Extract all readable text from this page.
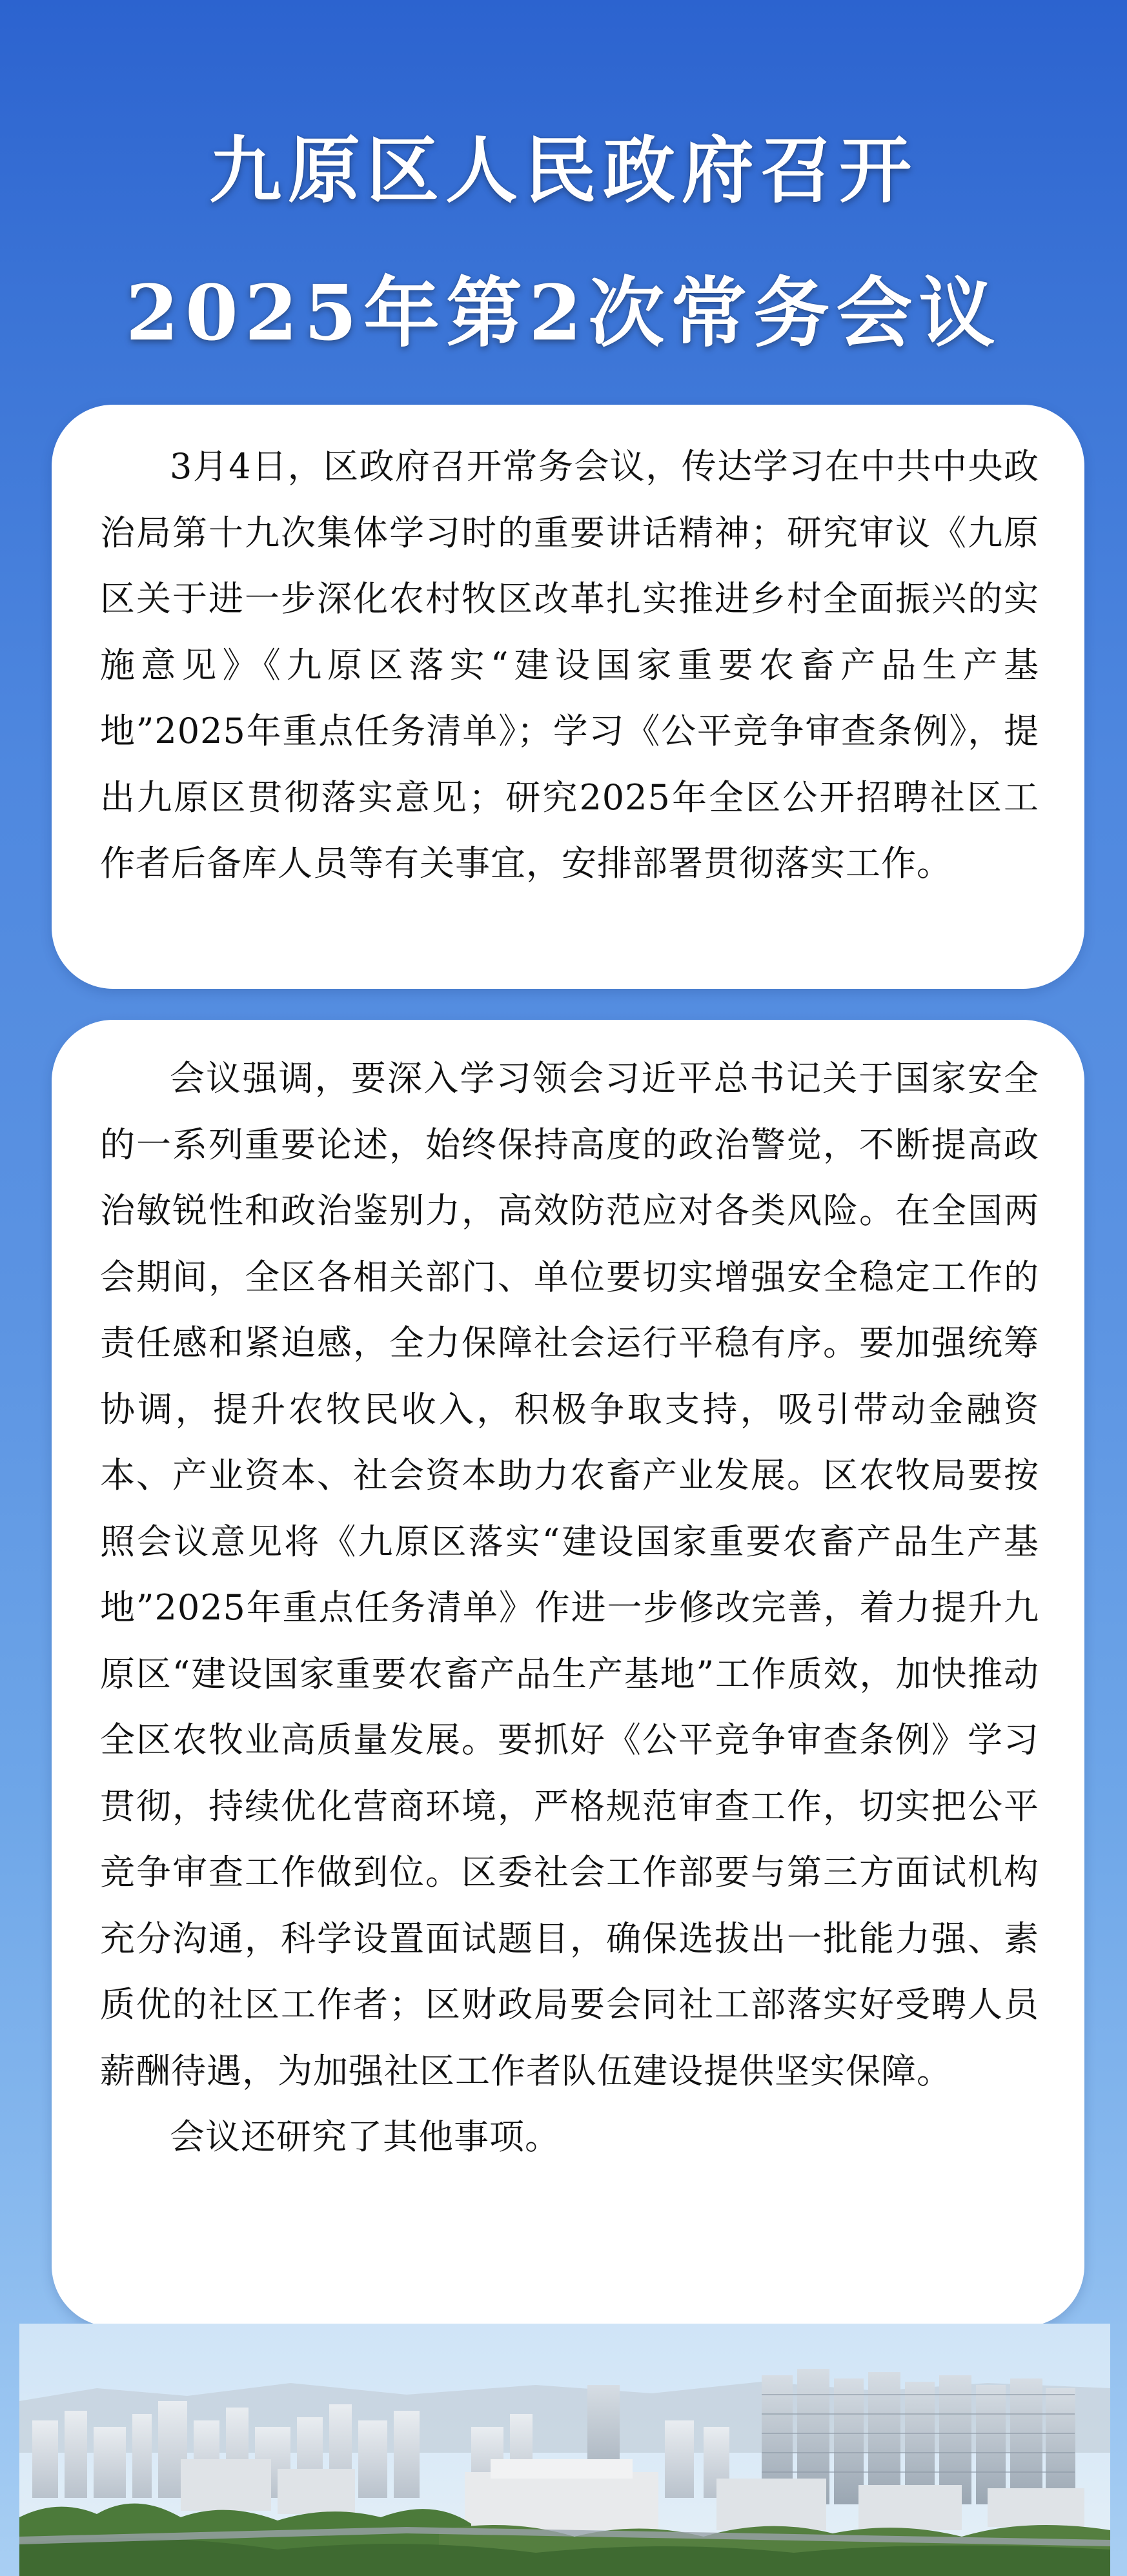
九原区人民政府召开
2025年第2次常务会议

3月4日，区政府召开常务会议，传达学习在中共中央政治局第十九次集体学习时的重要讲话精神；研究审议《九原区关于进一步深化农村牧区改革扎实推进乡村全面振兴的实施意见》《九原区落实“建设国家重要农畜产品生产基地”2025年重点任务清单》；学习《公平竞争审查条例》，提出九原区贯彻落实意见；研究2025年全区公开招聘社区工作者后备库人员等有关事宜，安排部署贯彻落实工作。

会议强调，要深入学习领会习近平总书记关于国家安全的一系列重要论述，始终保持高度的政治警觉，不断提高政治敏锐性和政治鉴别力，高效防范应对各类风险。在全国两会期间，全区各相关部门、单位要切实增强安全稳定工作的责任感和紧迫感，全力保障社会运行平稳有序。要加强统筹协调，提升农牧民收入，积极争取支持，吸引带动金融资本、产业资本、社会资本助力农畜产业发展。区农牧局要按照会议意见将《九原区落实“建设国家重要农畜产品生产基地”2025年重点任务清单》作进一步修改完善，着力提升九原区“建设国家重要农畜产品生产基地”工作质效，加快推动全区农牧业高质量发展。要抓好《公平竞争审查条例》学习贯彻，持续优化营商环境，严格规范审查工作，切实把公平竞争审查工作做到位。区委社会工作部要与第三方面试机构充分沟通，科学设置面试题目，确保选拔出一批能力强、素质优的社区工作者；区财政局要会同社工部落实好受聘人员薪酬待遇，为加强社区工作者队伍建设提供坚实保障。

会议还研究了其他事项。
